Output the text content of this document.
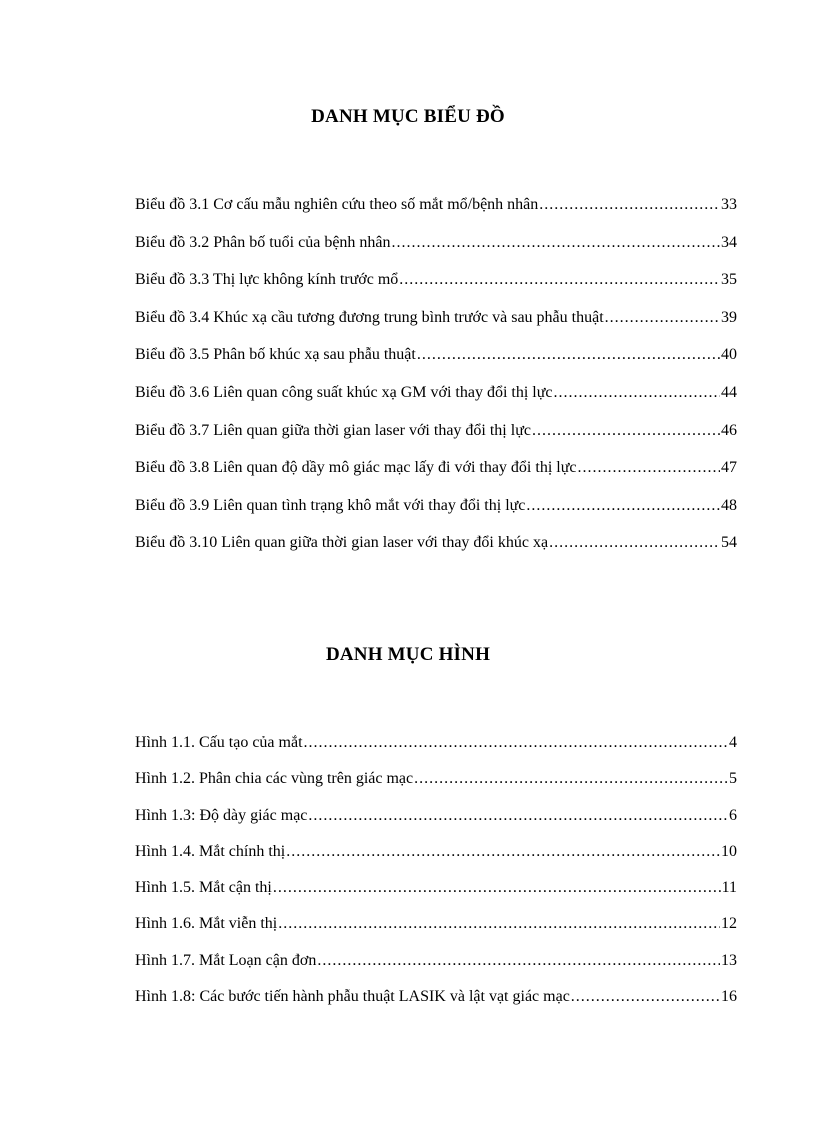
DANH MỤC BIỂU ĐỒ
Biểu đồ 3.1 Cơ cấu mẫu nghiên cứu theo số mắt mổ/bệnh nhân .....	33
Biểu đồ 3.2 Phân bố tuổi của bệnh nhân .....	34
Biểu đồ 3.3 Thị lực không kính trước mổ .....	35
Biểu đồ 3.4 Khúc xạ cầu tương đương trung bình trước và sau phẫu thuật .....	39
Biểu đồ 3.5 Phân bố khúc xạ sau phẫu thuật .....	40
Biểu đồ 3.6 Liên quan công suất khúc xạ GM với thay đổi thị lực .....	44
Biểu đồ 3.7 Liên quan giữa thời gian laser với thay đổi thị lực .....	46
Biểu đồ 3.8 Liên quan độ dầy mô giác mạc lấy đi với thay đổi thị lực .....	47
Biểu đồ 3.9 Liên quan tình trạng khô mắt với thay đổi thị lực .....	48
Biểu đồ 3.10 Liên quan giữa thời gian laser với thay đổi khúc xạ .....	54
DANH MỤC HÌNH
Hình 1.1. Cấu tạo của mắt .....	4
Hình 1.2. Phân chia các vùng trên giác mạc .....	5
Hình 1.3: Độ dày giác mạc .....	6
Hình 1.4. Mắt chính thị .....	10
Hình 1.5. Mắt cận thị .....	11
Hình 1.6. Mắt viễn thị .....	12
Hình 1.7. Mắt Loạn cận đơn .....	13
Hình 1.8: Các bước tiến hành phẫu thuật LASIK và lật vạt giác mạc .....	16
